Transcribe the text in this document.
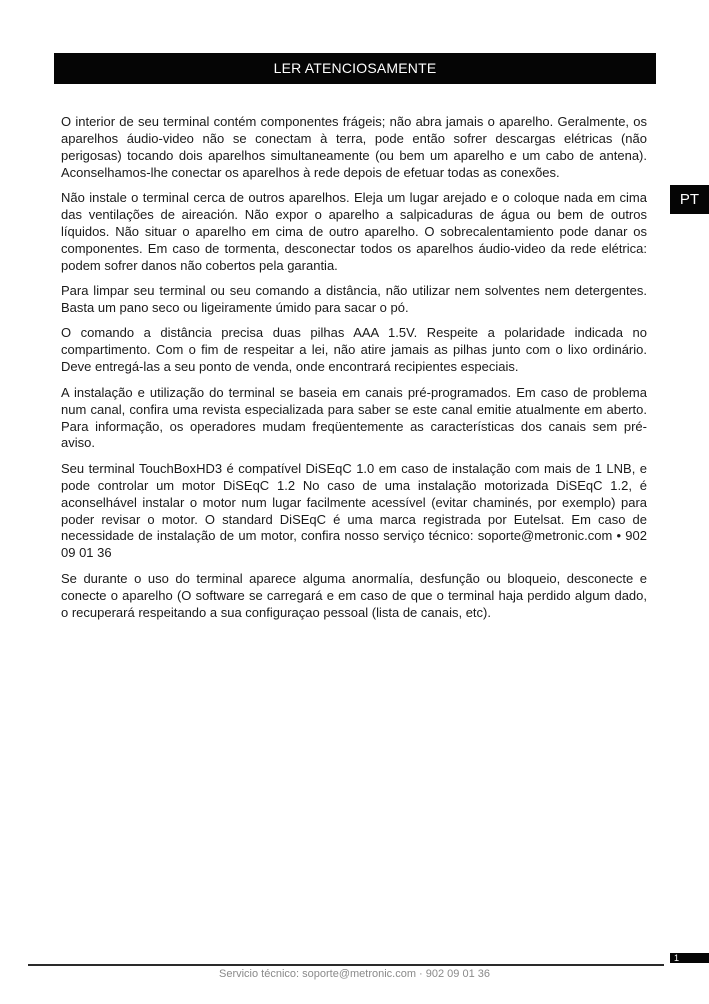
LER ATENCIOSAMENTE
PT

O interior de seu terminal contém componentes frágeis; não abra jamais o aparelho. Geralmente, os aparelhos áudio-video não se conectam à terra, pode então sofrer descargas elétricas (não perigosas) tocando dois aparelhos simultaneamente (ou bem um aparelho e um cabo de antena). Aconselhamos-lhe conectar os aparelhos à rede depois de efetuar todas as conexões.

Não instale o terminal cerca de outros aparelhos. Eleja um lugar arejado e o coloque nada em cima das ventilações de aireación. Não expor o aparelho a salpicaduras de água ou bem de outros líquidos. Não situar o aparelho em cima de outro aparelho. O sobrecalentamiento pode danar os componentes. Em caso de tormenta, desconectar todos os aparelhos áudio-video da rede elétrica: podem sofrer danos não cobertos pela garantia.

Para limpar seu terminal ou seu comando a distância, não utilizar nem solventes nem detergentes. Basta um pano seco ou ligeiramente úmido para sacar o pó.

O comando a distância precisa duas pilhas AAA 1.5V. Respeite a polaridade indicada no compartimento. Com o fim de respeitar a lei, não atire jamais as pilhas junto com o lixo ordinário. Deve entregá-las a seu ponto de venda, onde encontrará recipientes especiais.

A instalação e utilização do terminal se baseia em canais pré-programados. Em caso de problema num canal, confira uma revista especializada para saber se este canal emitie atualmente em aberto. Para informação, os operadores mudam freqüentemente as características dos canais sem pré-aviso.

Seu terminal TouchBoxHD3 é compatível DiSEqC 1.0 em caso de instalação com mais de 1 LNB, e pode controlar um motor DiSEqC 1.2 No caso de uma instalação motorizada DiSEqC 1.2, é aconselhável instalar o motor num lugar facilmente acessível (evitar chaminés, por exemplo) para poder revisar o motor. O standard DiSEqC é uma marca registrada por Eutelsat. Em caso de necessidade de instalação de um motor, confira nosso serviço técnico: soporte@metronic.com • 902 09 01 36

Se durante o uso do terminal aparece alguma anormalía, desfunção ou bloqueio, desconecte e conecte o aparelho (O software se carregará e em caso de que o terminal haja perdido algum dado, o recuperará respeitando a sua configuraçao pessoal (lista de canais, etc).

1
Servicio técnico: soporte@metronic.com · 902 09 01 36
